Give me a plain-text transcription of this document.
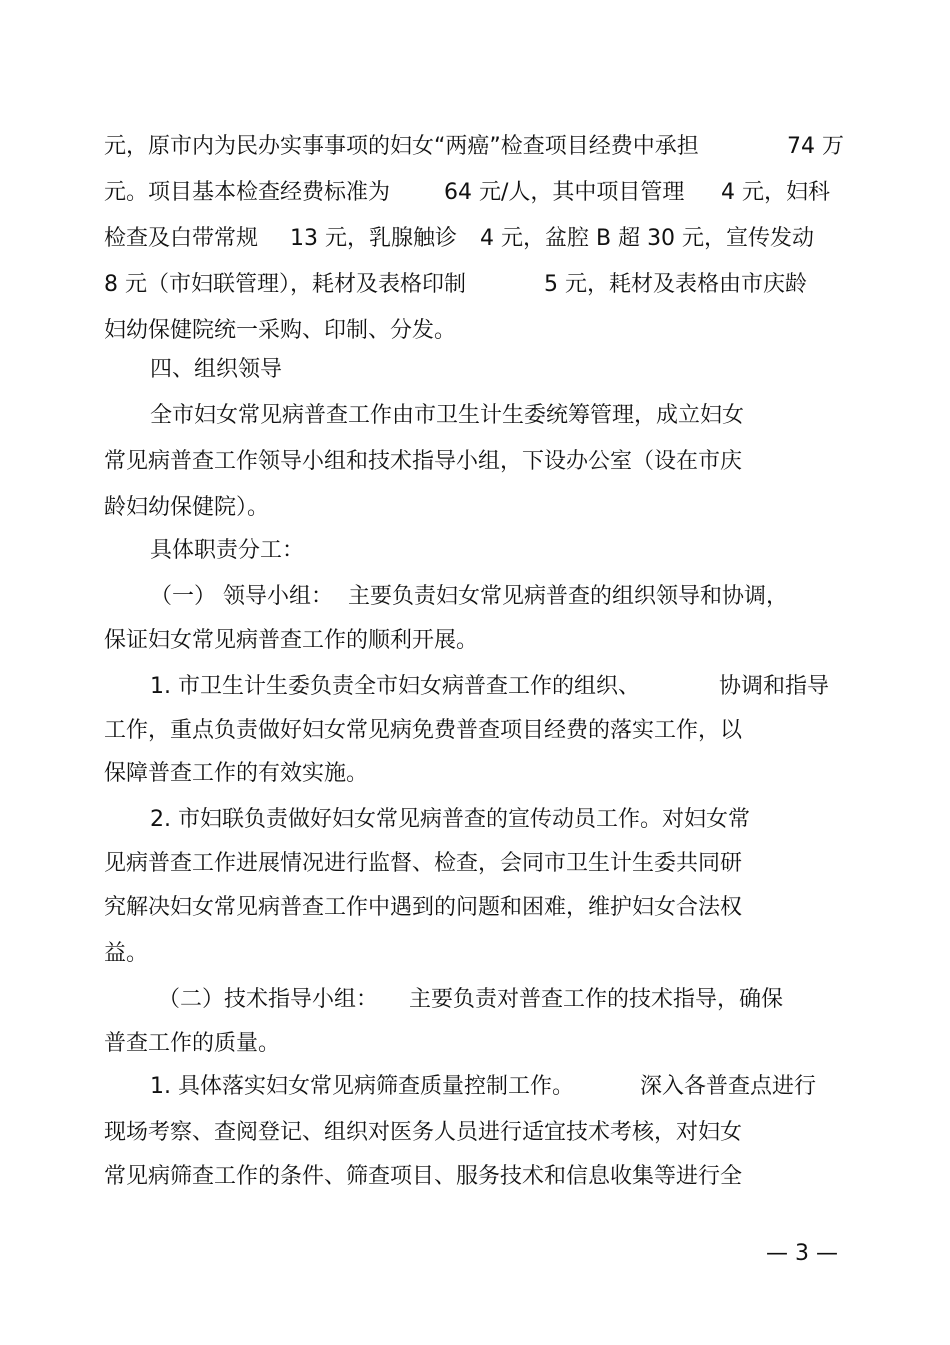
元，原市内为民办实事事项的妇女“两癌”检查项目经费中承担

	74 万

元。项目基本检查经费标准为

64 元/人，其中项目管理

4 元，妇科

检查及白带常规

13 元，乳腺触诊

4 元，盆腔 B 超 30 元，宣传发动

8 元（市妇联管理），耗材及表格印制

	5 元，耗材及表格由市庆龄

妇幼保健院统一采购、印制、分发。

四、组织领导

全市妇女常见病普查工作由市卫生计生委统筹管理，成立妇女

常见病普查工作领导小组和技术指导小组，下设办公室（设在市庆

龄妇幼保健院）。

具体职责分工：

（一） 领导小组：

主要负责妇女常见病普查的组织领导和协调，

保证妇女常见病普查工作的顺利开展。

1. 市卫生计生委负责全市妇女病普查工作的组织、

	协调和指导

工作，重点负责做好妇女常见病免费普查项目经费的落实工作，以

保障普查工作的有效实施。

2. 市妇联负责做好妇女常见病普查的宣传动员工作。对妇女常

见病普查工作进展情况进行监督、检查，会同市卫生计生委共同研

究解决妇女常见病普查工作中遇到的问题和困难，维护妇女合法权

益。

（二）技术指导小组：

主要负责对普查工作的技术指导，确保

普查工作的质量。

1. 具体落实妇女常见病筛查质量控制工作。

	深入各普查点进行

现场考察、查阅登记、组织对医务人员进行适宜技术考核，对妇女

常见病筛查工作的条件、筛查项目、服务技术和信息收集等进行全

— 3 —
